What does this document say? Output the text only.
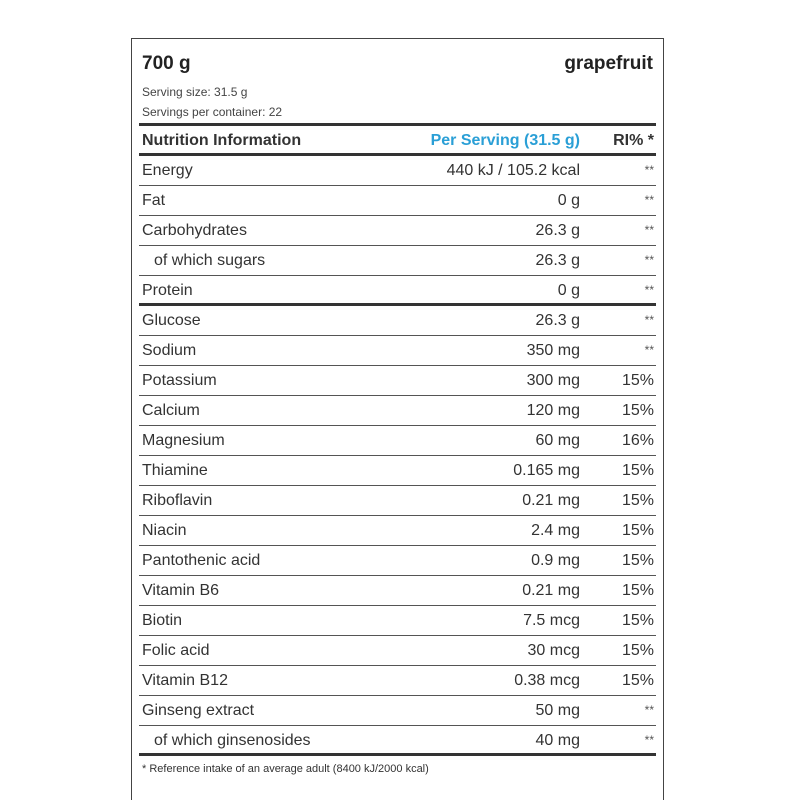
700 g	grapefruit
Serving size: 31.5 g
Servings per container: 22
Nutrition Information	Per Serving (31.5 g) RI% *
Energy	440 kJ / 105.2 kcal	**
Fat	0 g	**
Carbohydrates	26.3 g	**
of which sugars	26.3 g	**
Protein	0 g	**
Glucose	26.3 g	**
Sodium	350 mg	**
Potassium	300 mg	15%
Calcium	120 mg	15%
Magnesium	60 mg	16%
Thiamine	0.165 mg	15%
Riboflavin	0.21 mg	15%
Niacin	2.4 mg	15%
Pantothenic acid	0.9 mg	15%
Vitamin B6	0.21 mg	15%
Biotin	7.5 mcg	15%
Folic acid	30 mcg	15%
Vitamin B12	0.38 mcg	15%
Ginseng extract	50 mg	**
of which ginsenosides	40 mg	**
* Reference intake of an average adult (8400 kJ/2000 kcal)
